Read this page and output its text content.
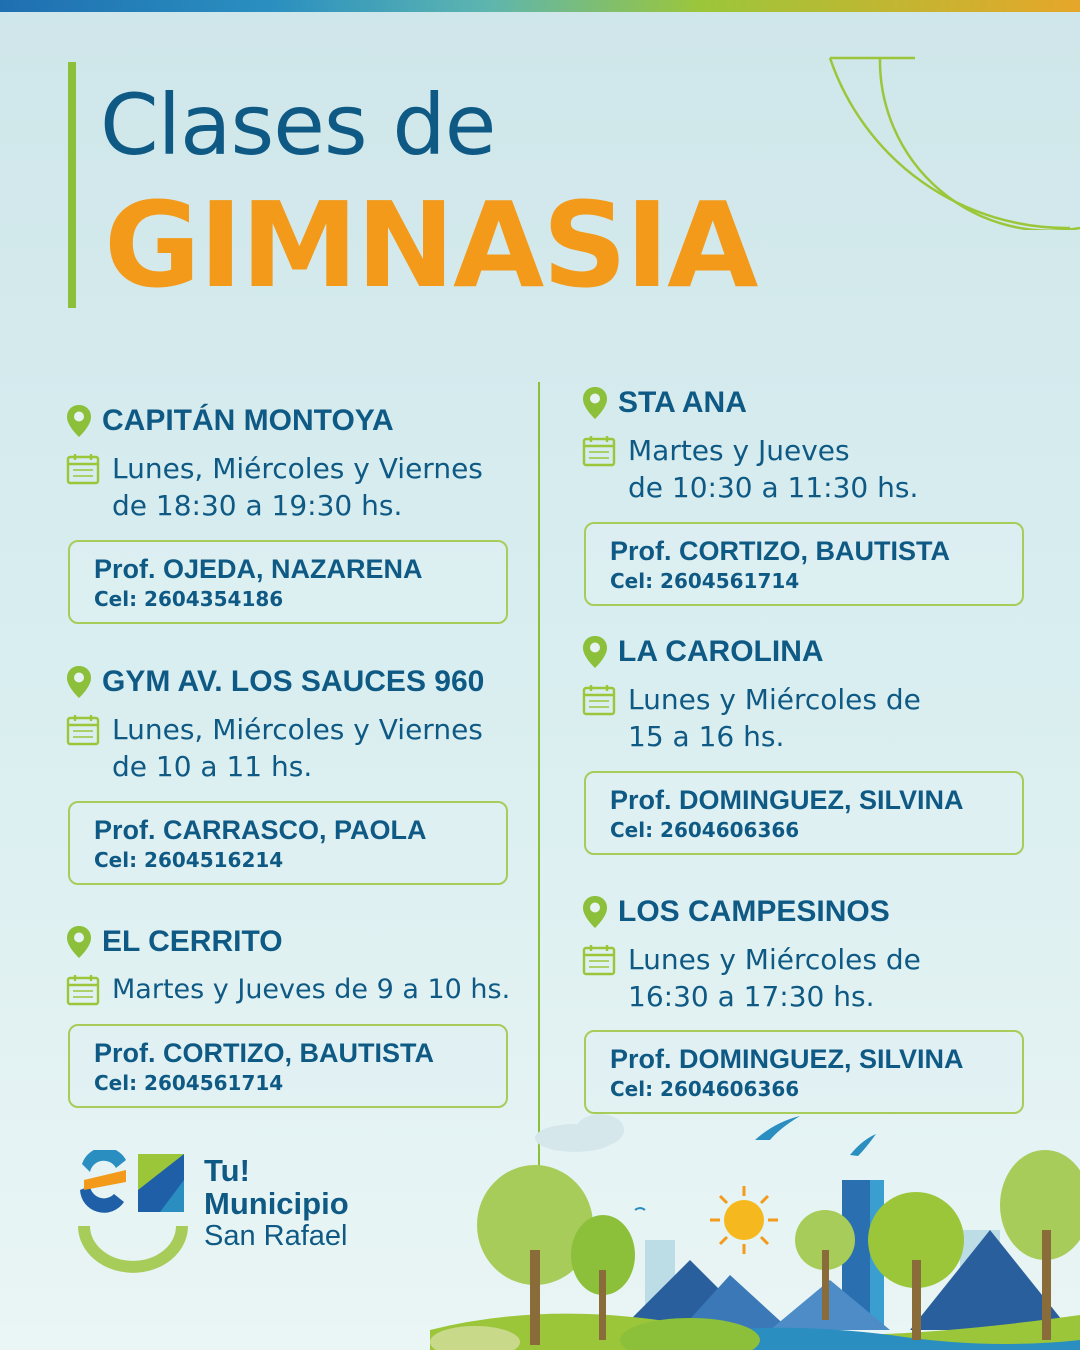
Clases de
GIMNASIA
CAPITÁN MONTOYA
Lunes, Miércoles y Viernes
de 18:30 a 19:30 hs.
Prof. OJEDA, NAZARENA
Cel: 2604354186
GYM AV. LOS SAUCES 960
Lunes, Miércoles y Viernes
de 10 a 11 hs.
Prof. CARRASCO, PAOLA
Cel: 2604516214
EL CERRITO
Martes y Jueves de 9 a 10 hs.
Prof. CORTIZO, BAUTISTA
Cel: 2604561714
STA ANA
Martes y Jueves
de 10:30 a 11:30 hs.
Prof. CORTIZO, BAUTISTA
Cel: 2604561714
LA CAROLINA
Lunes y Miércoles de
15 a 16 hs.
Prof. DOMINGUEZ, SILVINA
Cel: 2604606366
LOS CAMPESINOS
Lunes y Miércoles de
16:30 a 17:30 hs.
Prof. DOMINGUEZ, SILVINA
Cel: 2604606366
Tu!
Municipio
San Rafael
